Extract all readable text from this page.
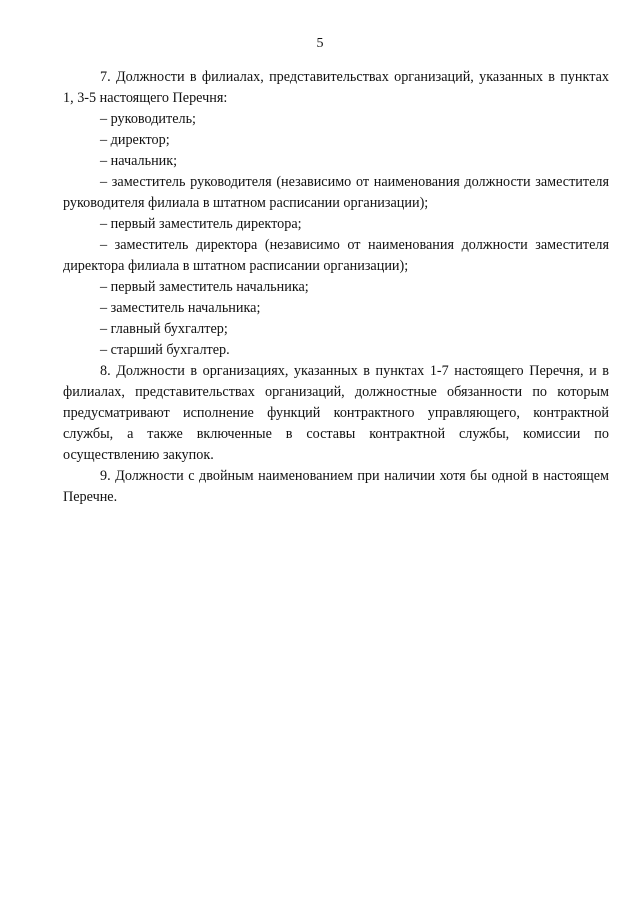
5

7. Должности в филиалах, представительствах организаций, указанных в пунктах 1, 3-5 настоящего Перечня:

– руководитель;

– директор;

– начальник;

– заместитель руководителя (независимо от наименования должности заместителя руководителя филиала в штатном расписании организации);

– первый заместитель директора;

– заместитель директора (независимо от наименования должности заместителя директора филиала в штатном расписании организации);

– первый заместитель начальника;

– заместитель начальника;

– главный бухгалтер;

– старший бухгалтер.

8. Должности в организациях, указанных в пунктах 1-7 настоящего Перечня, и в филиалах, представительствах организаций, должностные обязанности по которым предусматривают исполнение функций контрактного управляющего, контрактной службы, а также включенные в составы контрактной службы, комиссии по осуществлению закупок.

9. Должности с двойным наименованием при наличии хотя бы одной в настоящем Перечне.
